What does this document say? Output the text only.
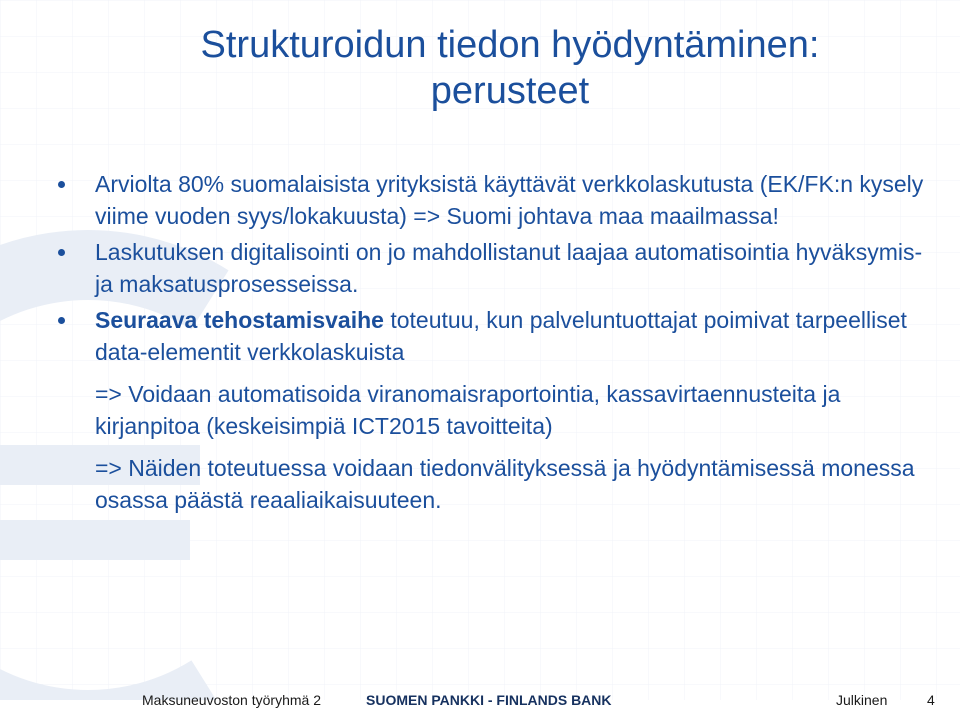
Strukturoidun tiedon hyödyntäminen:
perusteet

Arviolta 80% suomalaisista yrityksistä käyttävät verkkolaskutusta (EK/FK:n kysely viime vuoden syys/lokakuusta) => Suomi johtava maa maailmassa!

Laskutuksen digitalisointi on jo mahdollistanut laajaa automatisointia hyväksymis- ja maksatusprosesseissa.

Seuraava tehostamisvaihe toteutuu, kun palveluntuottajat poimivat tarpeelliset data-elementit verkkolaskuista

=> Voidaan automatisoida viranomaisraportointia, kassavirtaennusteita ja kirjanpitoa (keskeisimpiä ICT2015 tavoitteita)

=> Näiden toteutuessa voidaan tiedonvälityksessä ja hyödyntämisessä monessa osassa päästä reaaliaikaisuuteen.

Maksuneuvoston työryhmä 2	SUOMEN PANKKI - FINLANDS BANK	Julkinen	4
